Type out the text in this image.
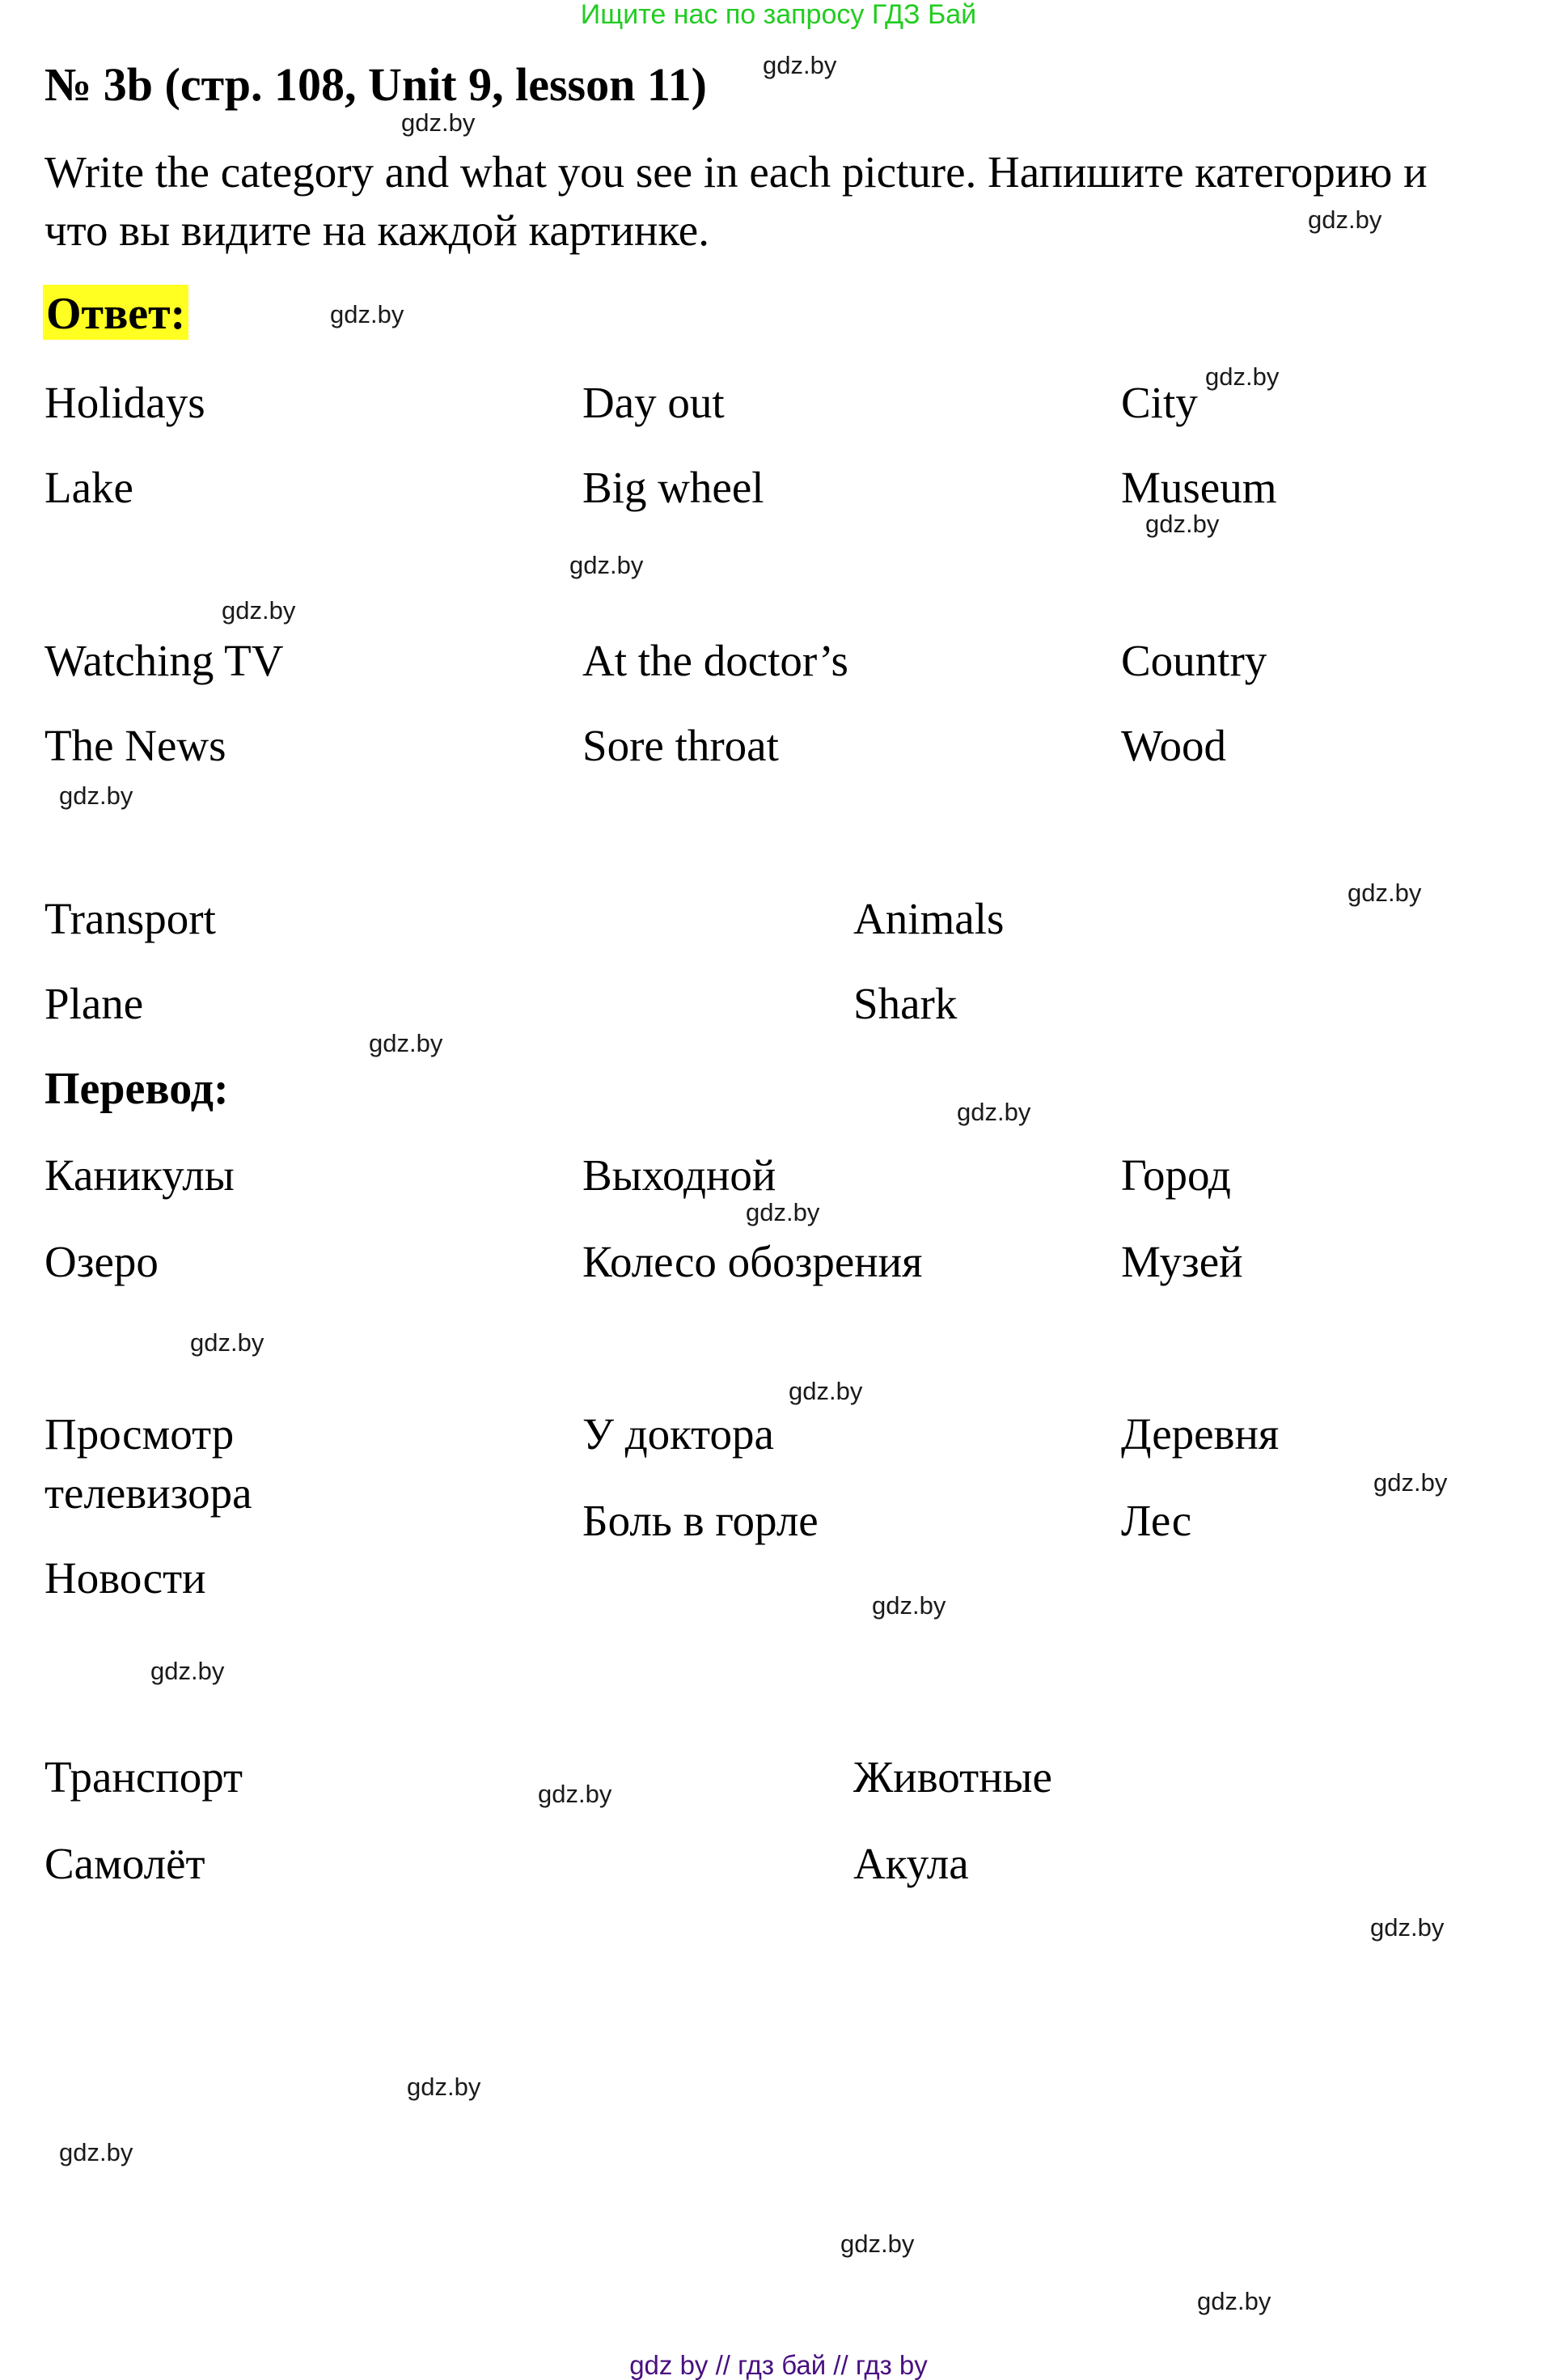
Ищите нас по запросу ГДЗ Бай
№ 3b (стр. 108, Unit 9, lesson 11)
Write the category and what you see in each picture. Напишите категорию и
что вы видите на каждой картинке.
Ответ:
Holidays
Lake
Day out
Big wheel
City
Museum
Watching TV
The News
At the doctor’s
Sore throat
Country
Wood
Transport
Plane
Animals
Shark
Перевод:
Каникулы
Озеро
Выходной
Колесо обозрения
Город
Музей
Просмотр
телевизора
Новости
У доктора
Боль в горле
Деревня
Лес
Транспорт
Самолёт
Животные
Акула
gdz.by
gdz.by
gdz.by
gdz.by
gdz.by
gdz.by
gdz.by
gdz.by
gdz.by
gdz.by
gdz.by
gdz.by
gdz.by
gdz.by
gdz.by
gdz.by
gdz.by
gdz.by
gdz.by
gdz.by
gdz.by
gdz.by
gdz.by
gdz.by
gdz by // гдз бай // гдз by
